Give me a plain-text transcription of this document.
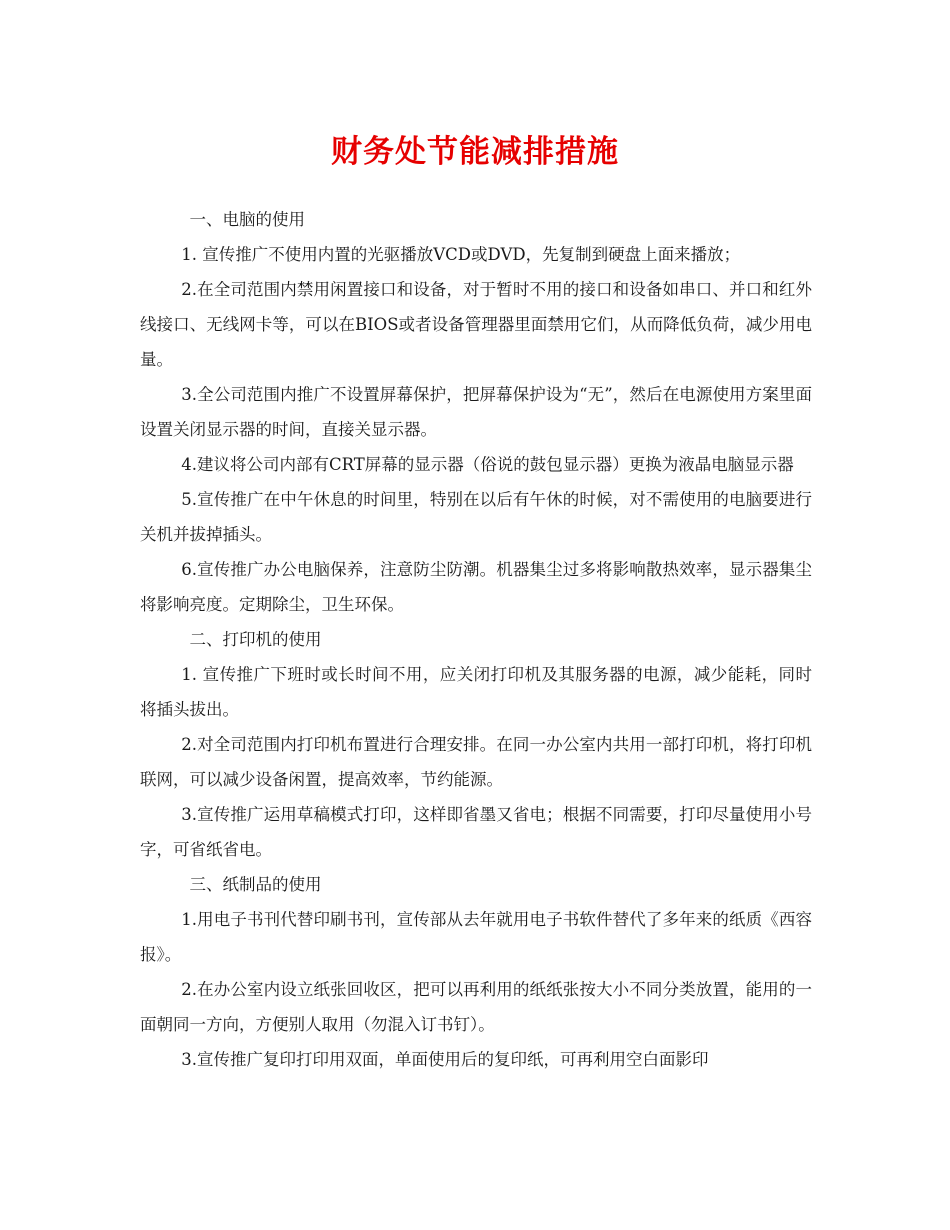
财务处节能减排措施

一、电脑的使用

1. 宣传推广不使用内置的光驱播放VCD或DVD，先复制到硬盘上面来播放；

2.在全司范围内禁用闲置接口和设备，对于暂时不用的接口和设备如串口、并口和红外线接口、无线网卡等，可以在BIOS或者设备管理器里面禁用它们，从而降低负荷，减少用电量。

3.全公司范围内推广不设置屏幕保护，把屏幕保护设为“无”，然后在电源使用方案里面设置关闭显示器的时间，直接关显示器。

4.建议将公司内部有CRT屏幕的显示器（俗说的鼓包显示器）更换为液晶电脑显示器

5.宣传推广在中午休息的时间里，特别在以后有午休的时候，对不需使用的电脑要进行关机并拔掉插头。

6.宣传推广办公电脑保养，注意防尘防潮。机器集尘过多将影响散热效率，显示器集尘将影响亮度。定期除尘，卫生环保。

二、打印机的使用

1. 宣传推广下班时或长时间不用，应关闭打印机及其服务器的电源，减少能耗，同时将插头拔出。

2.对全司范围内打印机布置进行合理安排。在同一办公室内共用一部打印机，将打印机联网，可以减少设备闲置，提高效率，节约能源。

3.宣传推广运用草稿模式打印，这样即省墨又省电；根据不同需要，打印尽量使用小号字，可省纸省电。

三、纸制品的使用

1.用电子书刊代替印刷书刊，宣传部从去年就用电子书软件替代了多年来的纸质《西容报》。

2.在办公室内设立纸张回收区，把可以再利用的纸纸张按大小不同分类放置，能用的一面朝同一方向，方便别人取用（勿混入订书钉）。

3.宣传推广复印打印用双面，单面使用后的复印纸，可再利用空白面影印
